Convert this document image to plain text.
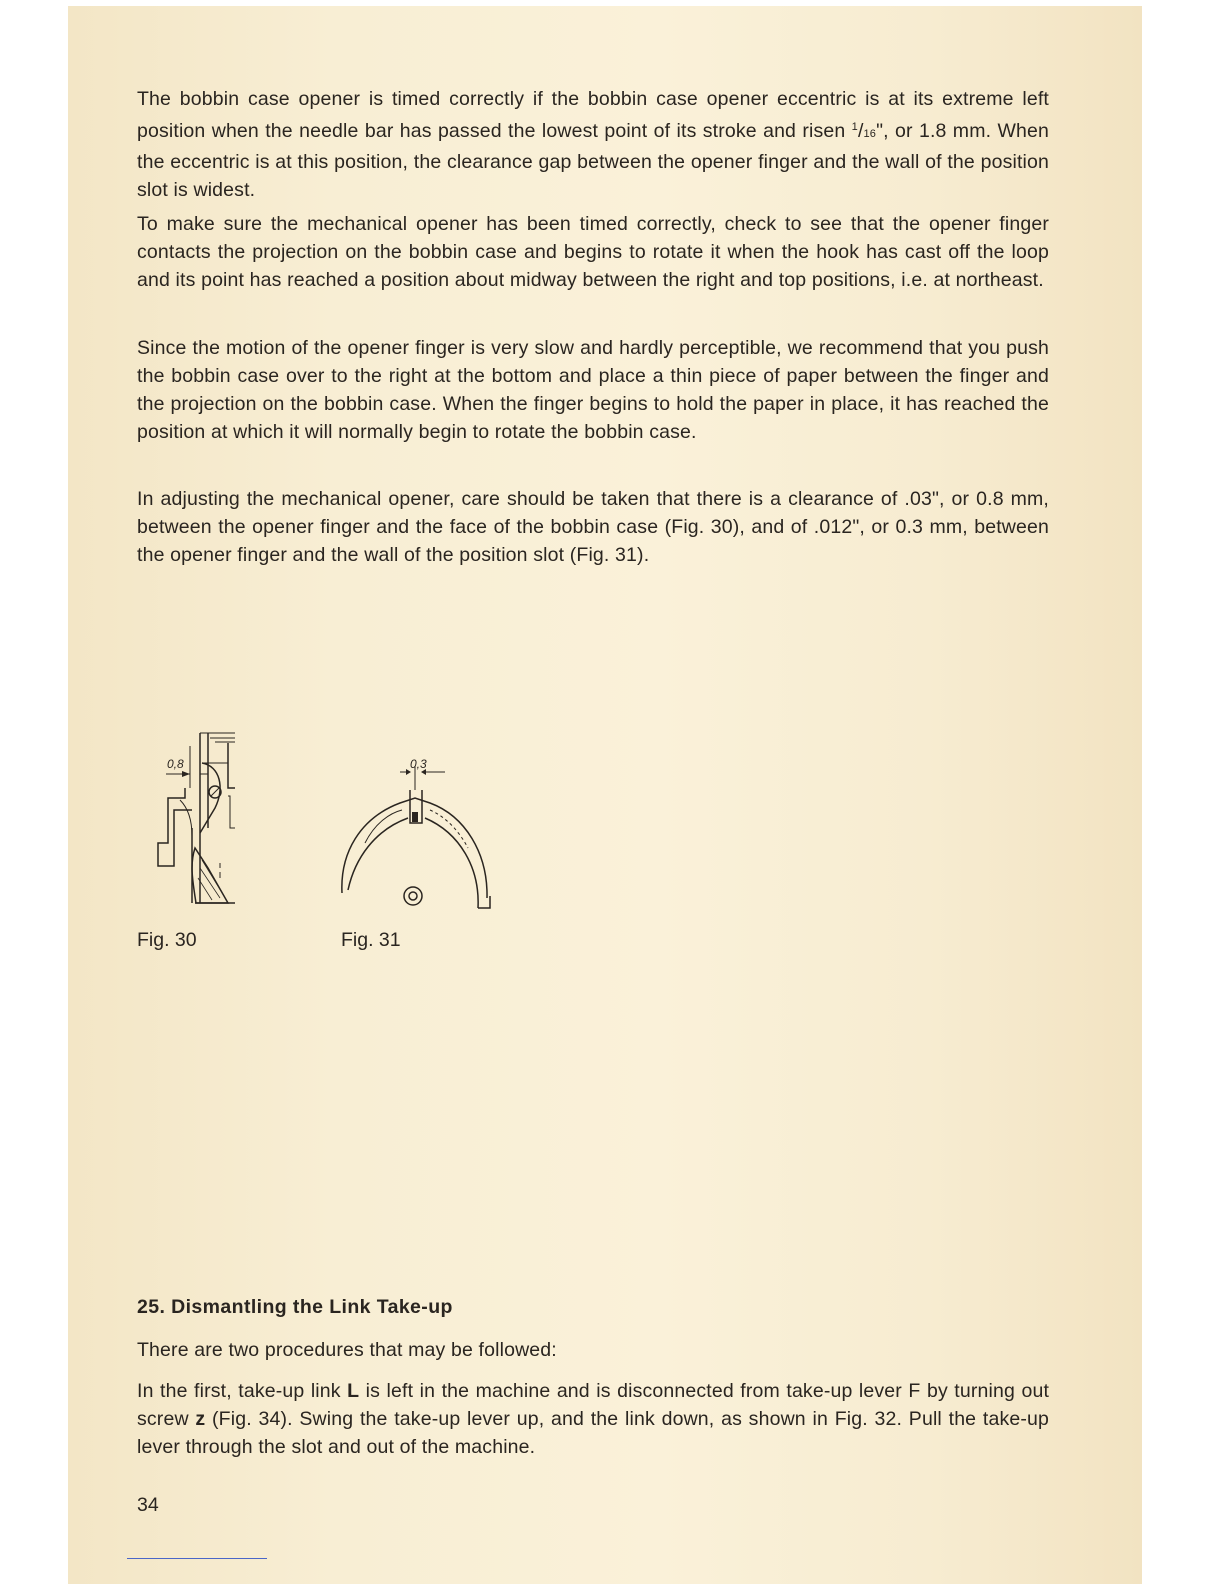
The bobbin case opener is timed correctly if the bobbin case opener eccentric is at its extreme left position when the needle bar has passed the lowest point of its stroke and risen $^1$/16", or 1.8 mm. When the eccentric is at this position, the clearance gap between the opener finger and the wall of the position slot is widest.

To make sure the mechanical opener has been timed correctly, check to see that the opener finger contacts the projection on the bobbin case and begins to rotate it when the hook has cast off the loop and its point has reached a position about midway between the right and top positions, i.e. at northeast.

Since the motion of the opener finger is very slow and hardly perceptible, we recommend that you push the bobbin case over to the right at the bottom and place a thin piece of paper between the finger and the projection on the bobbin case. When the finger begins to hold the paper in place, it has reached the position at which it will normally begin to rotate the bobbin case.

In adjusting the mechanical opener, care should be taken that there is a clearance of .03", or 0.8 mm, between the opener finger and the face of the bobbin case (Fig. 30), and of .012", or 0.3 mm, between the opener finger and the wall of the position slot (Fig. 31).

0,8	0,3
Fig. 30	Fig. 31
25. Dismantling the Link Take-up

There are two procedures that may be followed:

In the first, take-up link L is left in the machine and is disconnected from take-up lever F by turning out screw z (Fig. 34). Swing the take-up lever up, and the link down, as shown in Fig. 32. Pull the take-up lever through the slot and out of the machine.

34
